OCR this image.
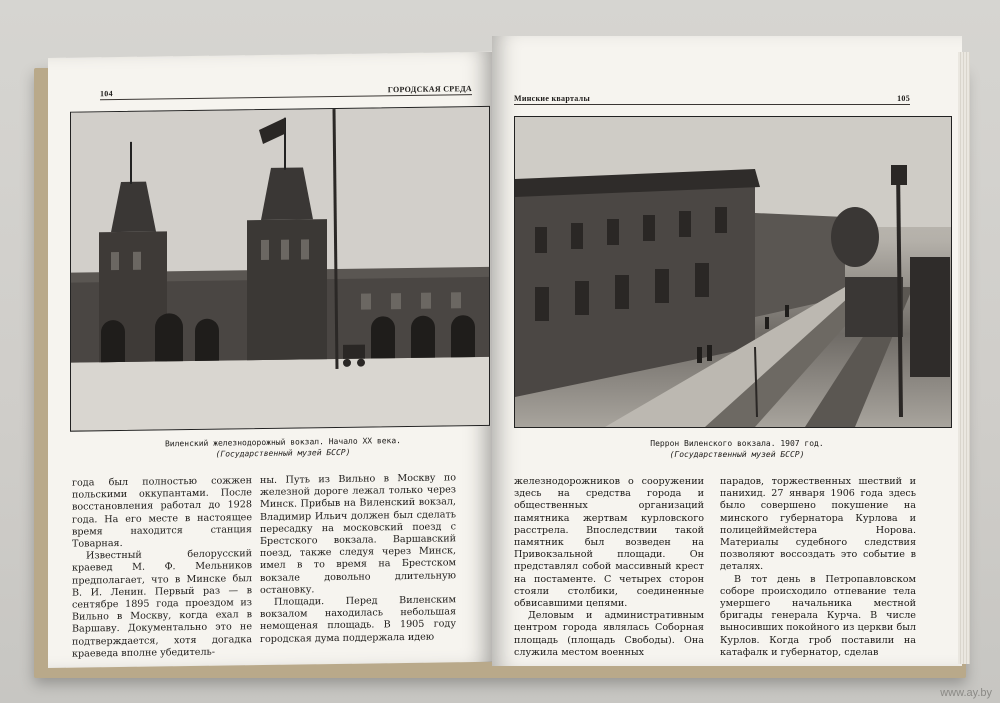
104	ГОРОДСКАЯ СРЕДА
Виленский железнодорожный вокзал. Начало XX века.
(Государственный музей БССР)

года был полностью сожжен польскими оккупантами. После восстановления работал до 1928 года. На его месте в настоящее время находится станция Товарная.

Известный белорусский краевед М. Ф. Мельников предполагает, что в Минске был В. И. Ленин. Первый раз — в сентябре 1895 года проездом из Вильно в Москву, когда ехал в Варшаву. Документально это не подтверждается, хотя догадка краеведа вполне убедитель-

ны. Путь из Вильно в Москву по железной дороге лежал только через Минск. Прибыв на Виленский вокзал, Владимир Ильич должен был сделать пересадку на московский поезд с Брестского вокзала. Варшавский поезд, также следуя через Минск, имел в то время на Брестском вокзале довольно длительную остановку.

Площади. Перед Виленским вокзалом находилась небольшая немощеная площадь. В 1905 году городская дума поддержала идею

Минские кварталы	105
Перрон Виленского вокзала. 1907 год.
(Государственный музей БССР)

железнодорожников о сооружении здесь на средства города и общественных организаций памятника жертвам курловского расстрела. Впоследствии такой памятник был возведен на Привокзальной площади. Он представлял собой массивный крест на постаменте. С четырех сторон стояли столбики, соединенные обвисавшими цепями.

Деловым и административным центром города являлась Соборная площадь (площадь Свободы). Она служила местом военных

парадов, торжественных шествий и панихид. 27 января 1906 года здесь было совершено покушение на минского губернатора Курлова и полицейймейстера Норова. Материалы судебного следствия позволяют воссоздать это событие в деталях.

В тот день в Петропавловском соборе происходило отпевание тела умершего начальника местной бригады генерала Курча. В числе выносивших покойного из церкви был Курлов. Когда гроб поставили на катафалк и губернатор, сделав

www.ay.by
